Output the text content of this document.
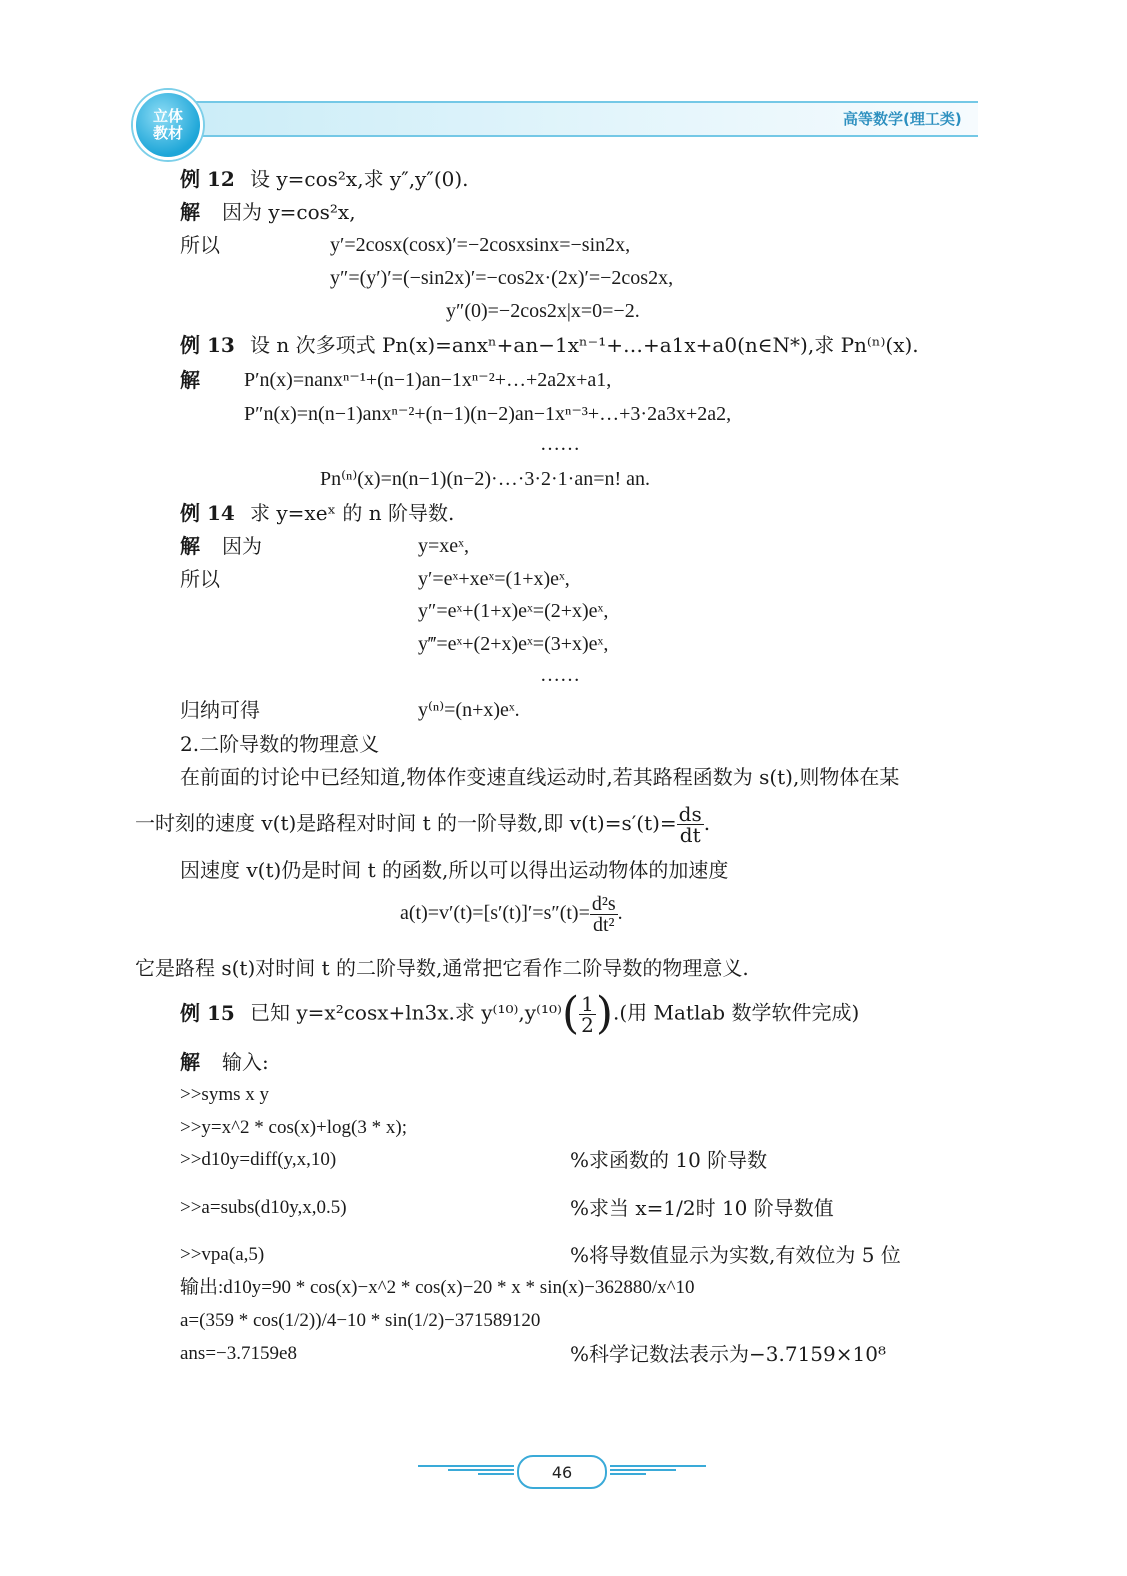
立体教材
高等数学(理工类)
例 12 设 y=cos²x,求 y″,y″(0).
解 因为 y=cos²x,
所以	y′=2cosx(cosx)′=−2cosxsinx=−sin2x,
y″=(y′)′=(−sin2x)′=−cos2x·(2x)′=−2cos2x,
y″(0)=−2cos2x|x=0=−2.
例 13 设 n 次多项式 Pn(x)=anxⁿ+an−1xⁿ⁻¹+…+a1x+a0(n∈N*),求 Pn⁽ⁿ⁾(x).
解 P′n(x)=nanxⁿ⁻¹+(n−1)an−1xⁿ⁻²+…+2a2x+a1,
P″n(x)=n(n−1)anxⁿ⁻²+(n−1)(n−2)an−1xⁿ⁻³+…+3·2a3x+2a2,
……
Pn⁽ⁿ⁾(x)=n(n−1)(n−2)·…·3·2·1·an=n! an.
例 14 求 y=xeˣ 的 n 阶导数.
解 因为	y=xeˣ,
所以	y′=eˣ+xeˣ=(1+x)eˣ,
y″=eˣ+(1+x)eˣ=(2+x)eˣ,
y‴=eˣ+(2+x)eˣ=(3+x)eˣ,
……
归纳可得	y⁽ⁿ⁾=(n+x)eˣ.
2.二阶导数的物理意义
在前面的讨论中已经知道,物体作变速直线运动时,若其路程函数为 s(t),则物体在某
一时刻的速度 v(t)是路程对时间 t 的一阶导数,即 $v(t)=s'(t)= \frac{ds}{dt}$ .
因速度 v(t)仍是时间 t 的函数,所以可以得出运动物体的加速度
$a(t)=v'(t)=[s'(t)]'=s''(t)= \frac{\text{d²s}}{\text{dt²}}$ .
它是路程 s(t)对时间 t 的二阶导数,通常把它看作二阶导数的物理意义.
例 15 已知 y=x²cosx+ln3x.求 $y^{(10)},y^{(10)}( \frac{1}{2}$ ).(用 Matlab 数学软件完成)
解 输入:
>>syms x y
>>y=x^2 * cos(x)+log(3 * x);
>>d10y=diff(y,x,10)	%求函数的 10 阶导数
>>a=subs(d10y,x,0.5)	%求当 x=1/2时 10 阶导数值
>>vpa(a,5)	%将导数值显示为实数,有效位为 5 位
输出:d10y=90 * cos(x)−x^2 * cos(x)−20 * x * sin(x)−362880/x^10
a=(359 * cos(1/2))/4−10 * sin(1/2)−371589120
ans=−3.7159e8	%科学记数法表示为−3.7159×10⁸
46
